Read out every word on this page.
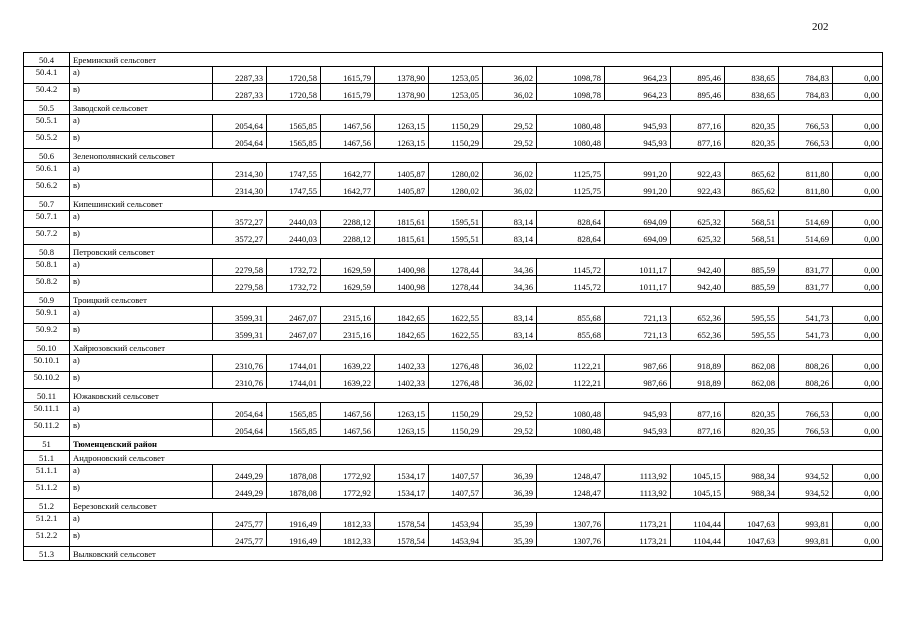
202
50.4	Ереминский сельсовет												
50.4.1	а)	2287,33	1720,58	1615,79	1378,90	1253,05	36,02	1098,78	964,23	895,46	838,65	784,83	0,00
50.4.2	в)	2287,33	1720,58	1615,79	1378,90	1253,05	36,02	1098,78	964,23	895,46	838,65	784,83	0,00
50.5	Заводской сельсовет												
50.5.1	а)	2054,64	1565,85	1467,56	1263,15	1150,29	29,52	1080,48	945,93	877,16	820,35	766,53	0,00
50.5.2	в)	2054,64	1565,85	1467,56	1263,15	1150,29	29,52	1080,48	945,93	877,16	820,35	766,53	0,00
50.6	Зеленополянский сельсовет												
50.6.1	а)	2314,30	1747,55	1642,77	1405,87	1280,02	36,02	1125,75	991,20	922,43	865,62	811,80	0,00
50.6.2	в)	2314,30	1747,55	1642,77	1405,87	1280,02	36,02	1125,75	991,20	922,43	865,62	811,80	0,00
50.7	Кипешинский сельсовет												
50.7.1	а)	3572,27	2440,03	2288,12	1815,61	1595,51	83,14	828,64	694,09	625,32	568,51	514,69	0,00
50.7.2	в)	3572,27	2440,03	2288,12	1815,61	1595,51	83,14	828,64	694,09	625,32	568,51	514,69	0,00
50.8	Петровский сельсовет												
50.8.1	а)	2279,58	1732,72	1629,59	1400,98	1278,44	34,36	1145,72	1011,17	942,40	885,59	831,77	0,00
50.8.2	в)	2279,58	1732,72	1629,59	1400,98	1278,44	34,36	1145,72	1011,17	942,40	885,59	831,77	0,00
50.9	Троицкий сельсовет												
50.9.1	а)	3599,31	2467,07	2315,16	1842,65	1622,55	83,14	855,68	721,13	652,36	595,55	541,73	0,00
50.9.2	в)	3599,31	2467,07	2315,16	1842,65	1622,55	83,14	855,68	721,13	652,36	595,55	541,73	0,00
50.10	Хайрюзовский сельсовет												
50.10.1	а)	2310,76	1744,01	1639,22	1402,33	1276,48	36,02	1122,21	987,66	918,89	862,08	808,26	0,00
50.10.2	в)	2310,76	1744,01	1639,22	1402,33	1276,48	36,02	1122,21	987,66	918,89	862,08	808,26	0,00
50.11	Южаковский сельсовет												
50.11.1	а)	2054,64	1565,85	1467,56	1263,15	1150,29	29,52	1080,48	945,93	877,16	820,35	766,53	0,00
50.11.2	в)	2054,64	1565,85	1467,56	1263,15	1150,29	29,52	1080,48	945,93	877,16	820,35	766,53	0,00
51	Тюменцевский район												
51.1	Андроновский сельсовет												
51.1.1	а)	2449,29	1878,08	1772,92	1534,17	1407,57	36,39	1248,47	1113,92	1045,15	988,34	934,52	0,00
51.1.2	в)	2449,29	1878,08	1772,92	1534,17	1407,57	36,39	1248,47	1113,92	1045,15	988,34	934,52	0,00
51.2	Березовский сельсовет												
51.2.1	а)	2475,77	1916,49	1812,33	1578,54	1453,94	35,39	1307,76	1173,21	1104,44	1047,63	993,81	0,00
51.2.2	в)	2475,77	1916,49	1812,33	1578,54	1453,94	35,39	1307,76	1173,21	1104,44	1047,63	993,81	0,00
51.3	Вылковский сельсовет												
